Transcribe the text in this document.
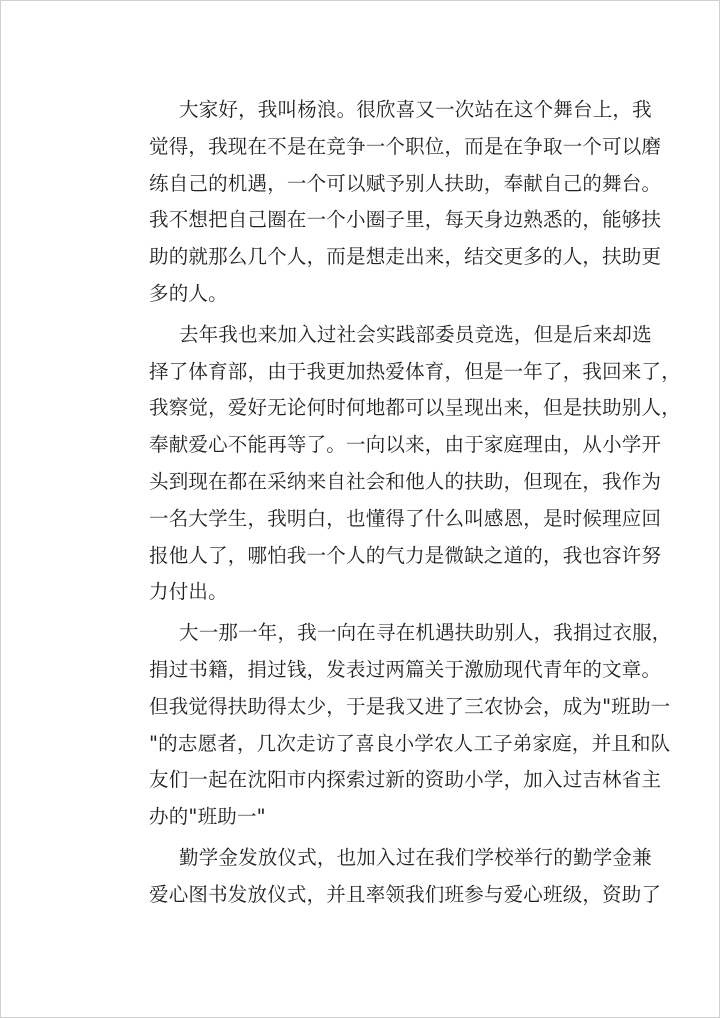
大家好，我叫杨浪。很欣喜又一次站在这个舞台上，我
觉得，我现在不是在竞争一个职位，而是在争取一个可以磨
练自己的机遇，一个可以赋予别人扶助，奉献自己的舞台。
我不想把自己圈在一个小圈子里，每天身边熟悉的，能够扶
助的就那么几个人，而是想走出来，结交更多的人，扶助更
多的人。
去年我也来加入过社会实践部委员竞选，但是后来却选
择了体育部，由于我更加热爱体育，但是一年了，我回来了，
我察觉，爱好无论何时何地都可以呈现出来，但是扶助别人，
奉献爱心不能再等了。一向以来，由于家庭理由，从小学开
头到现在都在采纳来自社会和他人的扶助，但现在，我作为
一名大学生，我明白，也懂得了什么叫感恩，是时候理应回
报他人了，哪怕我一个人的气力是微缺之道的，我也容许努
力付出。
大一那一年，我一向在寻在机遇扶助别人，我捐过衣服，
捐过书籍，捐过钱，发表过两篇关于激励现代青年的文章。
但我觉得扶助得太少，于是我又进了三农协会，成为"班助一
"的志愿者，几次走访了喜良小学农人工子弟家庭，并且和队
友们一起在沈阳市内探索过新的资助小学，加入过吉林省主
办的"班助一"
勤学金发放仪式，也加入过在我们学校举行的勤学金兼
爱心图书发放仪式，并且率领我们班参与爱心班级，资助了
